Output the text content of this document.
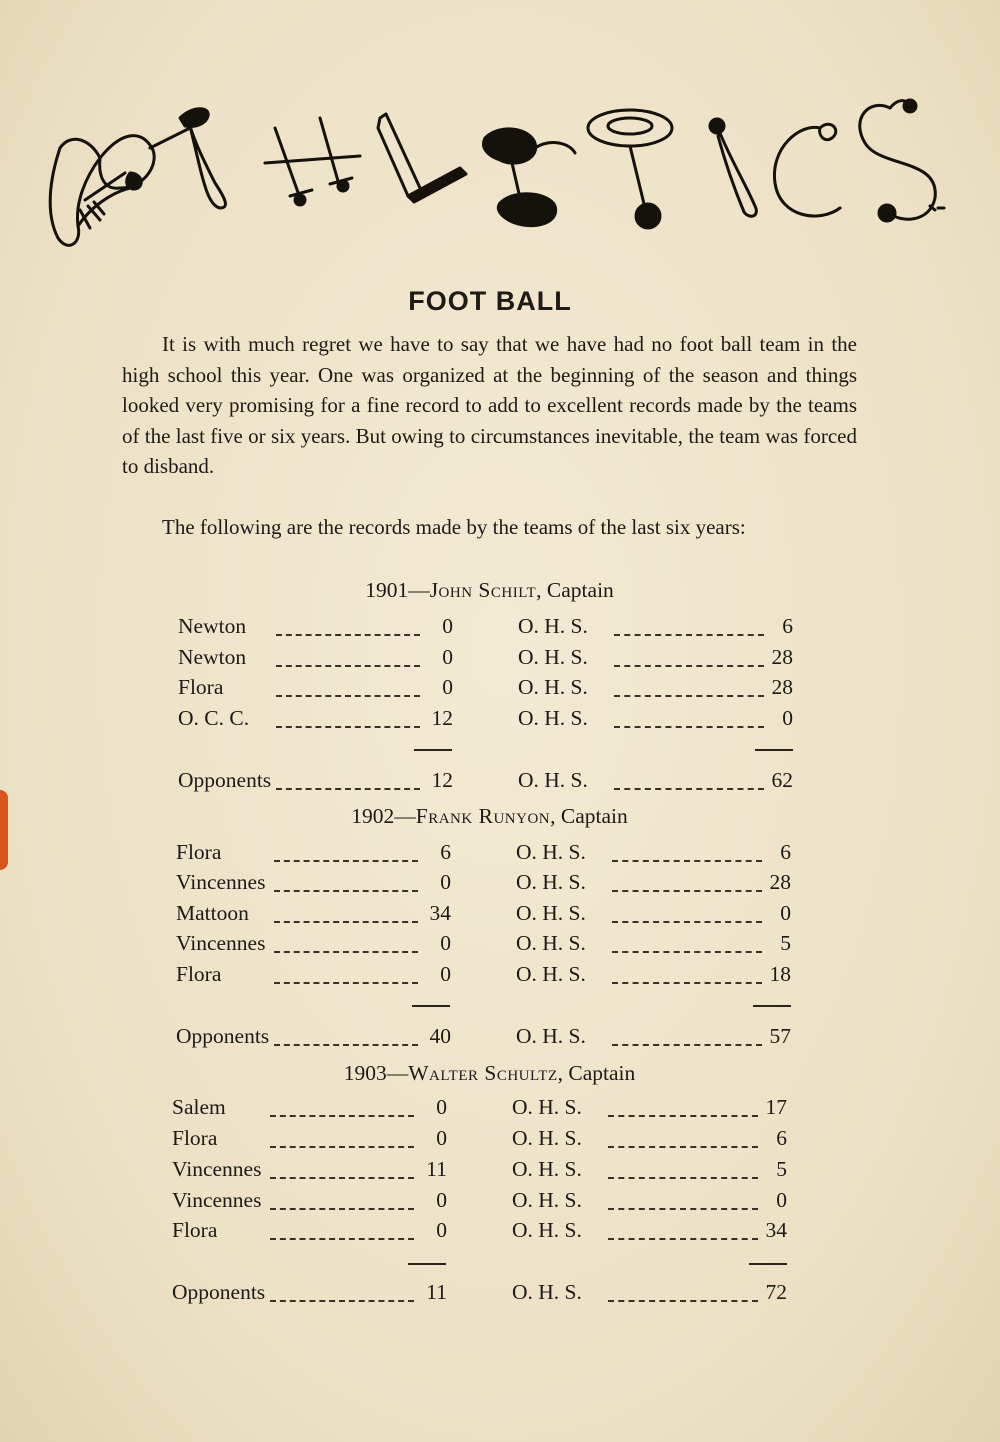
FOOT BALL
It is with much regret we have to say that we have had no foot ball team in the high school this year. One was organized at the beginning of the season and things looked very promising for a fine record to add to excellent records made by the teams of the last five or six years. But owing to circumstances inevitable, the team was forced to disband.
The following are the records made by the teams of the last six years:
1901—John Schilt, Captain
Newton	0	O. H. S.	6
Newton	0	O. H. S.	28
Flora	0	O. H. S.	28
O. C. C.	12	O. H. S.	0
Opponents	12	O. H. S.	62
1902—Frank Runyon, Captain
Flora	6	O. H. S.	6
Vincennes	0	O. H. S.	28
Mattoon	34	O. H. S.	0
Vincennes	0	O. H. S.	5
Flora	0	O. H. S.	18
Opponents	40	O. H. S.	57
1903—Walter Schultz, Captain
Salem	0	O. H. S.	17
Flora	0	O. H. S.	6
Vincennes	11	O. H. S.	5
Vincennes	0	O. H. S.	0
Flora	0	O. H. S.	34
Opponents	11	O. H. S.	72
